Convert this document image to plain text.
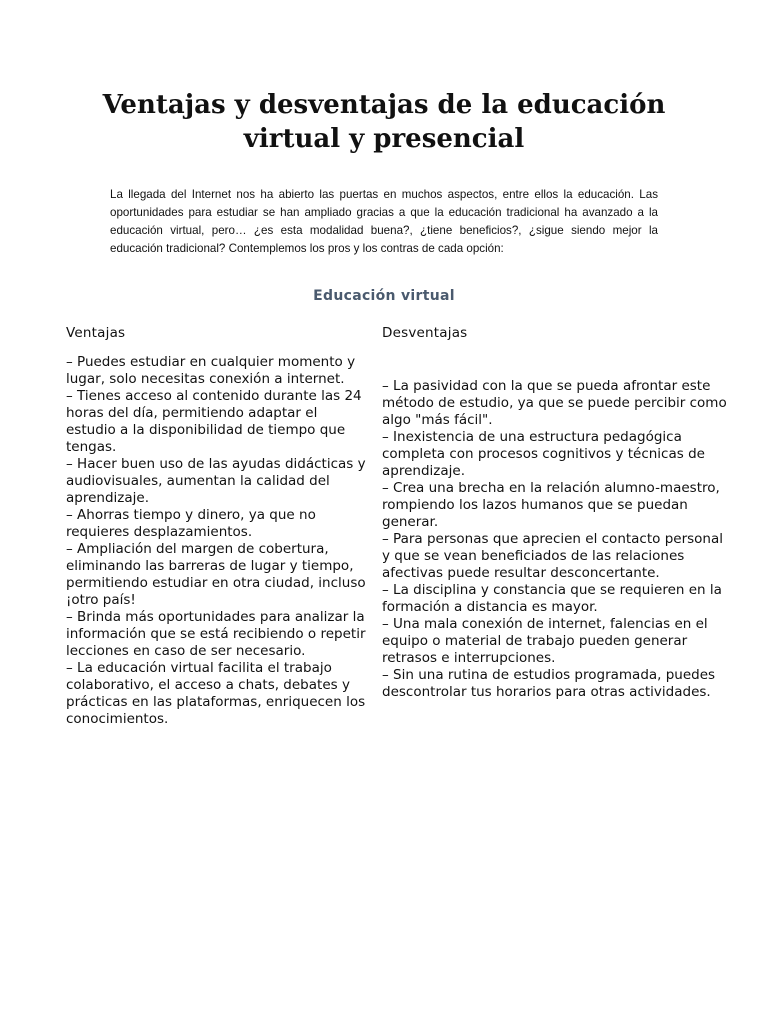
Ventajas y desventajas de la educación virtual y presencial

La llegada del Internet nos ha abierto las puertas en muchos aspectos, entre ellos la educación. Las oportunidades para estudiar se han ampliado gracias a que la educación tradicional ha avanzado a la educación virtual, pero… ¿es esta modalidad buena?, ¿tiene beneficios?, ¿sigue siendo mejor la educación tradicional? Contemplemos los pros y los contras de cada opción:

Educación virtual
Ventajas
– Puedes estudiar en cualquier momento y lugar, solo necesitas conexión a internet.
– Tienes acceso al contenido durante las 24 horas del día, permitiendo adaptar el estudio a la disponibilidad de tiempo que tengas.
– Hacer buen uso de las ayudas didácticas y audiovisuales, aumentan la calidad del aprendizaje.
– Ahorras tiempo y dinero, ya que no requieres desplazamientos.
– Ampliación del margen de cobertura, eliminando las barreras de lugar y tiempo, permitiendo estudiar en otra ciudad, incluso ¡otro país!
– Brinda más oportunidades para analizar la información que se está recibiendo o repetir lecciones en caso de ser necesario.
– La educación virtual facilita el trabajo colaborativo, el acceso a chats, debates y prácticas en las plataformas, enriquecen los conocimientos.
Desventajas
– La pasividad con la que se pueda afrontar este método de estudio, ya que se puede percibir como algo "más fácil".
– Inexistencia de una estructura pedagógica completa con procesos cognitivos y técnicas de aprendizaje.
– Crea una brecha en la relación alumno-maestro, rompiendo los lazos humanos que se puedan generar.
– Para personas que aprecien el contacto personal y que se vean beneficiados de las relaciones afectivas puede resultar desconcertante.
– La disciplina y constancia que se requieren en la formación a distancia es mayor.
– Una mala conexión de internet, falencias en el equipo o material de trabajo pueden generar retrasos e interrupciones.
– Sin una rutina de estudios programada, puedes descontrolar tus horarios para otras actividades.
